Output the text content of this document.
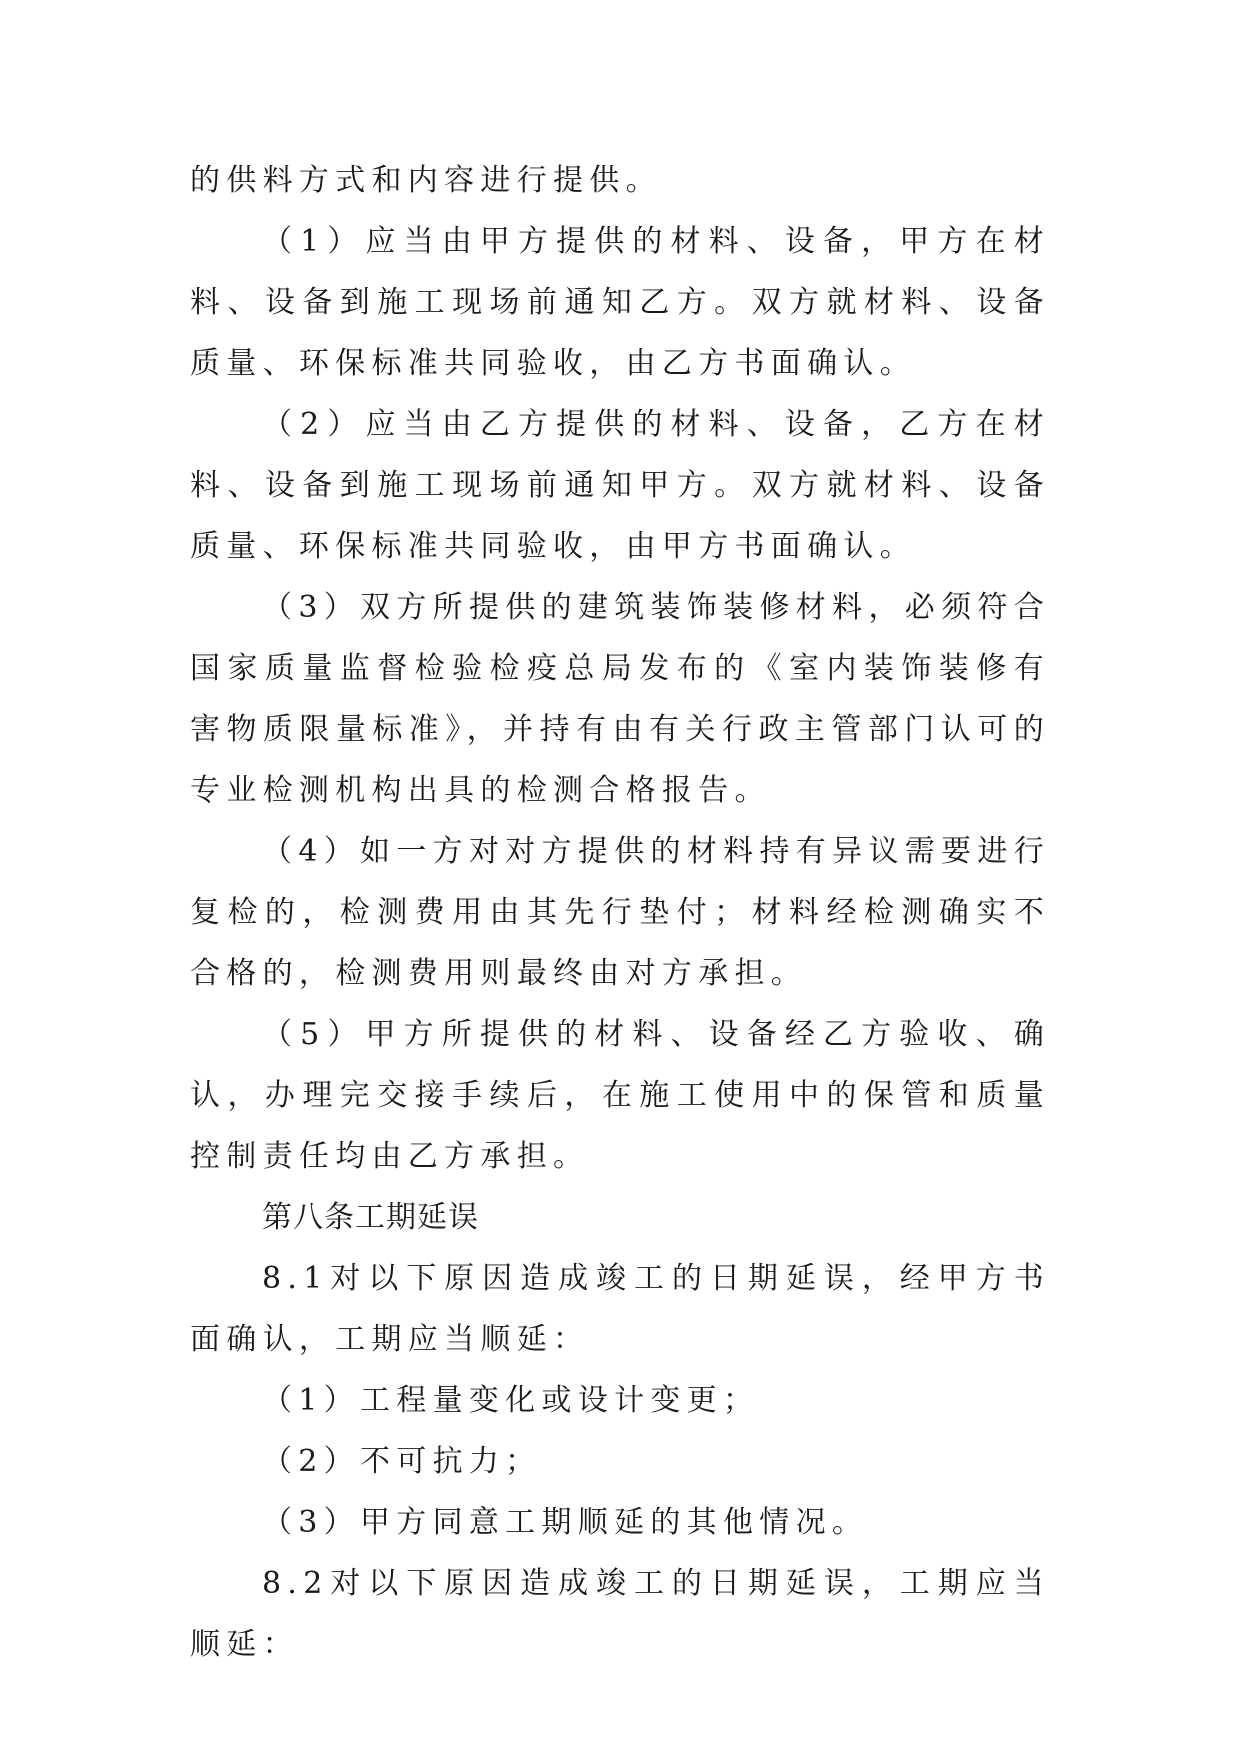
的供料方式和内容进行提供。

（1）应当由甲方提供的材料、设备，甲方在材料、设备到施工现场前通知乙方。双方就材料、设备质量、环保标准共同验收，由乙方书面确认。

（2）应当由乙方提供的材料、设备，乙方在材料、设备到施工现场前通知甲方。双方就材料、设备质量、环保标准共同验收，由甲方书面确认。

（3）双方所提供的建筑装饰装修材料，必须符合国家质量监督检验检疫总局发布的《室内装饰装修有害物质限量标准》，并持有由有关行政主管部门认可的专业检测机构出具的检测合格报告。

（4）如一方对对方提供的材料持有异议需要进行复检的，检测费用由其先行垫付；材料经检测确实不合格的，检测费用则最终由对方承担。

（5）甲方所提供的材料、设备经乙方验收、确认，办理完交接手续后，在施工使用中的保管和质量控制责任均由乙方承担。

第八条工期延误

8.1对以下原因造成竣工的日期延误，经甲方书面确认，工期应当顺延：

（1）工程量变化或设计变更；

（2）不可抗力；

（3）甲方同意工期顺延的其他情况。

8.2对以下原因造成竣工的日期延误，工期应当顺延：
